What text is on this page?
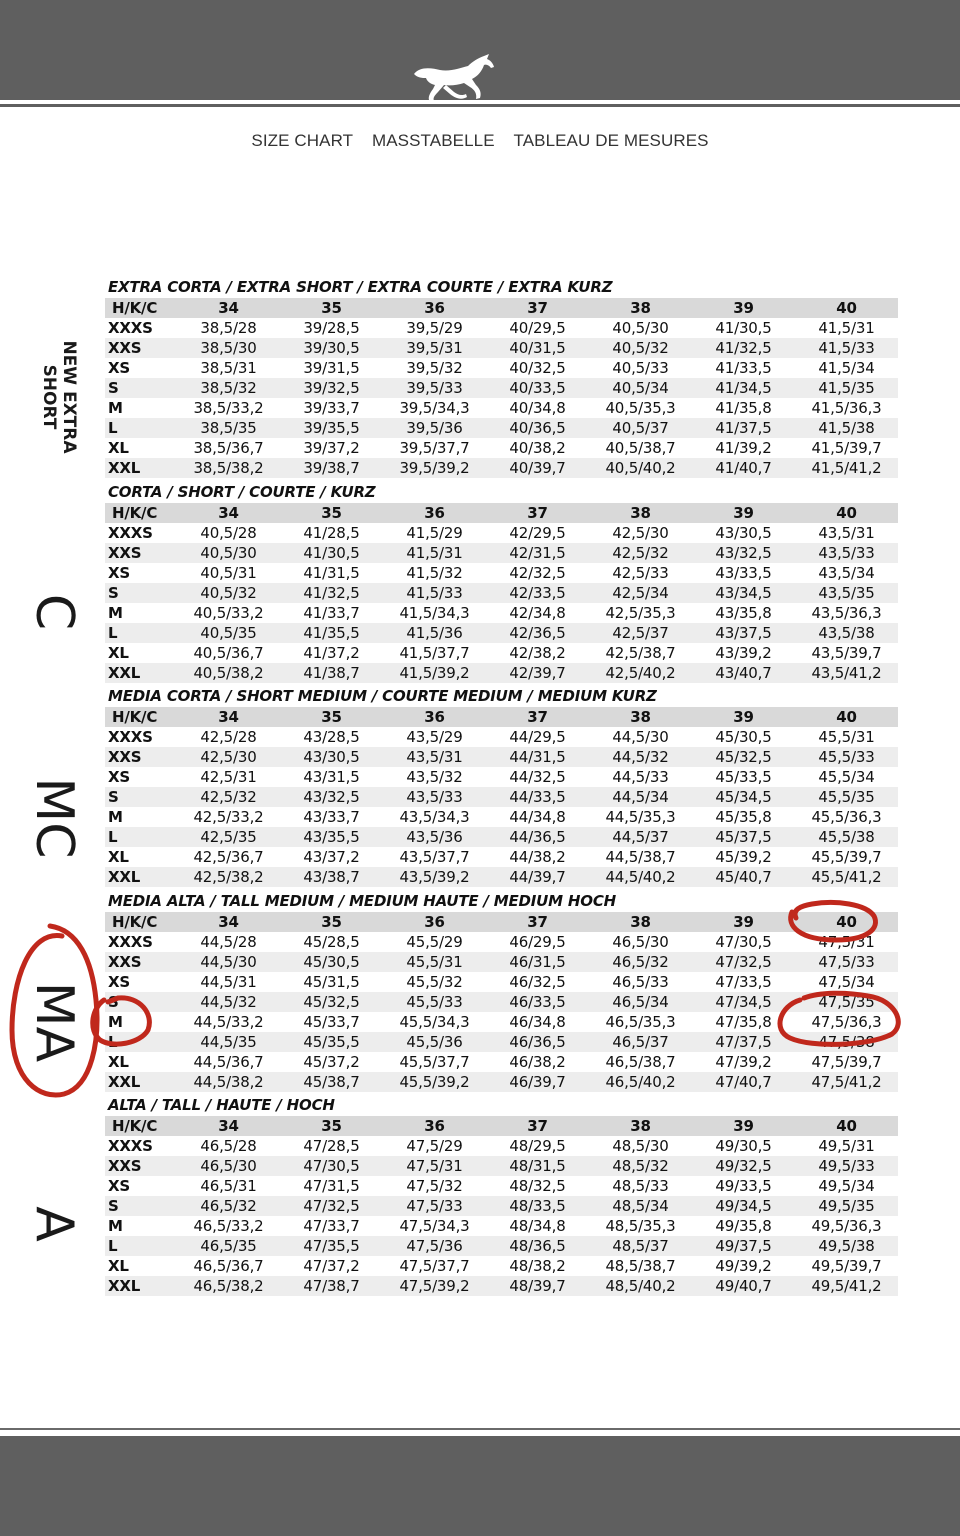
SIZE CHART MASSTABELLE TABLEAU DE MESURES
NEW EXTRA
SHORT
C
MC
MA
A
EXTRA CORTA / EXTRA SHORT / EXTRA COURTE / EXTRA KURZ
H/K/C	34	35	36	37	38	39	40
XXXS	38,5/28	39/28,5	39,5/29	40/29,5	40,5/30	41/30,5	41,5/31
XXS	38,5/30	39/30,5	39,5/31	40/31,5	40,5/32	41/32,5	41,5/33
XS	38,5/31	39/31,5	39,5/32	40/32,5	40,5/33	41/33,5	41,5/34
S	38,5/32	39/32,5	39,5/33	40/33,5	40,5/34	41/34,5	41,5/35
M	38,5/33,2	39/33,7	39,5/34,3	40/34,8	40,5/35,3	41/35,8	41,5/36,3
L	38,5/35	39/35,5	39,5/36	40/36,5	40,5/37	41/37,5	41,5/38
XL	38,5/36,7	39/37,2	39,5/37,7	40/38,2	40,5/38,7	41/39,2	41,5/39,7
XXL	38,5/38,2	39/38,7	39,5/39,2	40/39,7	40,5/40,2	41/40,7	41,5/41,2
CORTA / SHORT / COURTE / KURZ
H/K/C	34	35	36	37	38	39	40
XXXS	40,5/28	41/28,5	41,5/29	42/29,5	42,5/30	43/30,5	43,5/31
XXS	40,5/30	41/30,5	41,5/31	42/31,5	42,5/32	43/32,5	43,5/33
XS	40,5/31	41/31,5	41,5/32	42/32,5	42,5/33	43/33,5	43,5/34
S	40,5/32	41/32,5	41,5/33	42/33,5	42,5/34	43/34,5	43,5/35
M	40,5/33,2	41/33,7	41,5/34,3	42/34,8	42,5/35,3	43/35,8	43,5/36,3
L	40,5/35	41/35,5	41,5/36	42/36,5	42,5/37	43/37,5	43,5/38
XL	40,5/36,7	41/37,2	41,5/37,7	42/38,2	42,5/38,7	43/39,2	43,5/39,7
XXL	40,5/38,2	41/38,7	41,5/39,2	42/39,7	42,5/40,2	43/40,7	43,5/41,2
MEDIA CORTA / SHORT MEDIUM / COURTE MEDIUM / MEDIUM KURZ
H/K/C	34	35	36	37	38	39	40
XXXS	42,5/28	43/28,5	43,5/29	44/29,5	44,5/30	45/30,5	45,5/31
XXS	42,5/30	43/30,5	43,5/31	44/31,5	44,5/32	45/32,5	45,5/33
XS	42,5/31	43/31,5	43,5/32	44/32,5	44,5/33	45/33,5	45,5/34
S	42,5/32	43/32,5	43,5/33	44/33,5	44,5/34	45/34,5	45,5/35
M	42,5/33,2	43/33,7	43,5/34,3	44/34,8	44,5/35,3	45/35,8	45,5/36,3
L	42,5/35	43/35,5	43,5/36	44/36,5	44,5/37	45/37,5	45,5/38
XL	42,5/36,7	43/37,2	43,5/37,7	44/38,2	44,5/38,7	45/39,2	45,5/39,7
XXL	42,5/38,2	43/38,7	43,5/39,2	44/39,7	44,5/40,2	45/40,7	45,5/41,2
MEDIA ALTA / TALL MEDIUM / MEDIUM HAUTE / MEDIUM HOCH
H/K/C	34	35	36	37	38	39	40
XXXS	44,5/28	45/28,5	45,5/29	46/29,5	46,5/30	47/30,5	47,5/31
XXS	44,5/30	45/30,5	45,5/31	46/31,5	46,5/32	47/32,5	47,5/33
XS	44,5/31	45/31,5	45,5/32	46/32,5	46,5/33	47/33,5	47,5/34
S	44,5/32	45/32,5	45,5/33	46/33,5	46,5/34	47/34,5	47,5/35
M	44,5/33,2	45/33,7	45,5/34,3	46/34,8	46,5/35,3	47/35,8	47,5/36,3
L	44,5/35	45/35,5	45,5/36	46/36,5	46,5/37	47/37,5	47,5/38
XL	44,5/36,7	45/37,2	45,5/37,7	46/38,2	46,5/38,7	47/39,2	47,5/39,7
XXL	44,5/38,2	45/38,7	45,5/39,2	46/39,7	46,5/40,2	47/40,7	47,5/41,2
ALTA / TALL / HAUTE / HOCH
H/K/C	34	35	36	37	38	39	40
XXXS	46,5/28	47/28,5	47,5/29	48/29,5	48,5/30	49/30,5	49,5/31
XXS	46,5/30	47/30,5	47,5/31	48/31,5	48,5/32	49/32,5	49,5/33
XS	46,5/31	47/31,5	47,5/32	48/32,5	48,5/33	49/33,5	49,5/34
S	46,5/32	47/32,5	47,5/33	48/33,5	48,5/34	49/34,5	49,5/35
M	46,5/33,2	47/33,7	47,5/34,3	48/34,8	48,5/35,3	49/35,8	49,5/36,3
L	46,5/35	47/35,5	47,5/36	48/36,5	48,5/37	49/37,5	49,5/38
XL	46,5/36,7	47/37,2	47,5/37,7	48/38,2	48,5/38,7	49/39,2	49,5/39,7
XXL	46,5/38,2	47/38,7	47,5/39,2	48/39,7	48,5/40,2	49/40,7	49,5/41,2
